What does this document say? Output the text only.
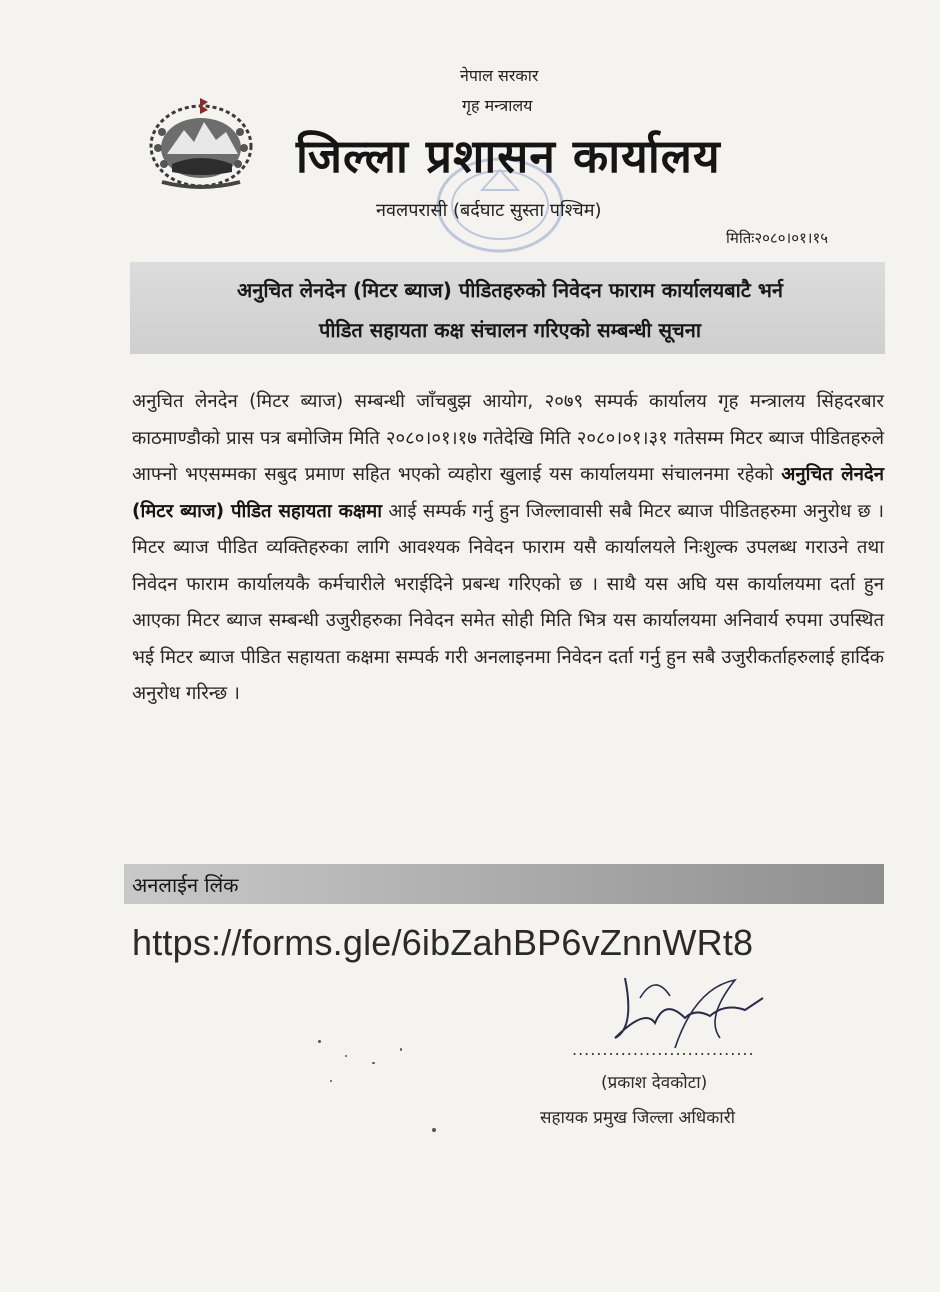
नेपाल सरकार
गृह मन्त्रालय
जिल्ला प्रशासन कार्यालय
नवलपरासी (बर्दघाट सुस्ता पश्चिम)
मितिः२०८०।०१।१५
अनुचित लेनदेन (मिटर ब्याज) पीडितहरुको निवेदन फाराम कार्यालयबाटै भर्न
पीडित सहायता कक्ष संचालन गरिएको सम्बन्धी सूचना
अनुचित लेनदेन (मिटर ब्याज) सम्बन्धी जाँचबुझ आयोग, २०७९ सम्पर्क कार्यालय गृह मन्त्रालय सिंहदरबार काठमाण्डौको प्रास पत्र बमोजिम मिति २०८०।०१।१७ गतेदेखि मिति २०८०।०१।३१ गतेसम्म मिटर ब्याज पीडितहरुले आफ्नो भएसम्मका सबुद प्रमाण सहित भएको व्यहोरा खुलाई यस कार्यालयमा संचालनमा रहेको अनुचित लेनदेन (मिटर ब्याज) पीडित सहायता कक्षमा आई सम्पर्क गर्नु हुन जिल्लावासी सबै मिटर ब्याज पीडितहरुमा अनुरोध छ । मिटर ब्याज पीडित व्यक्तिहरुका लागि आवश्यक निवेदन फाराम यसै कार्यालयले निःशुल्क उपलब्ध गराउने तथा निवेदन फाराम कार्यालयकै कर्मचारीले भराईदिने प्रबन्ध गरिएको छ । साथै यस अघि यस कार्यालयमा दर्ता हुन आएका मिटर ब्याज सम्बन्धी उजुरीहरुका निवेदन समेत सोही मिति भित्र यस कार्यालयमा अनिवार्य रुपमा उपस्थित भई मिटर ब्याज पीडित सहायता कक्षमा सम्पर्क गरी अनलाइनमा निवेदन दर्ता गर्नु हुन सबै उजुरीकर्ताहरुलाई हार्दिक अनुरोध गरिन्छ ।
अनलाईन लिंक
https://forms.gle/6ibZahBP6vZnnWRt8
..............................
(प्रकाश देवकोटा)
सहायक प्रमुख जिल्ला अधिकारी
